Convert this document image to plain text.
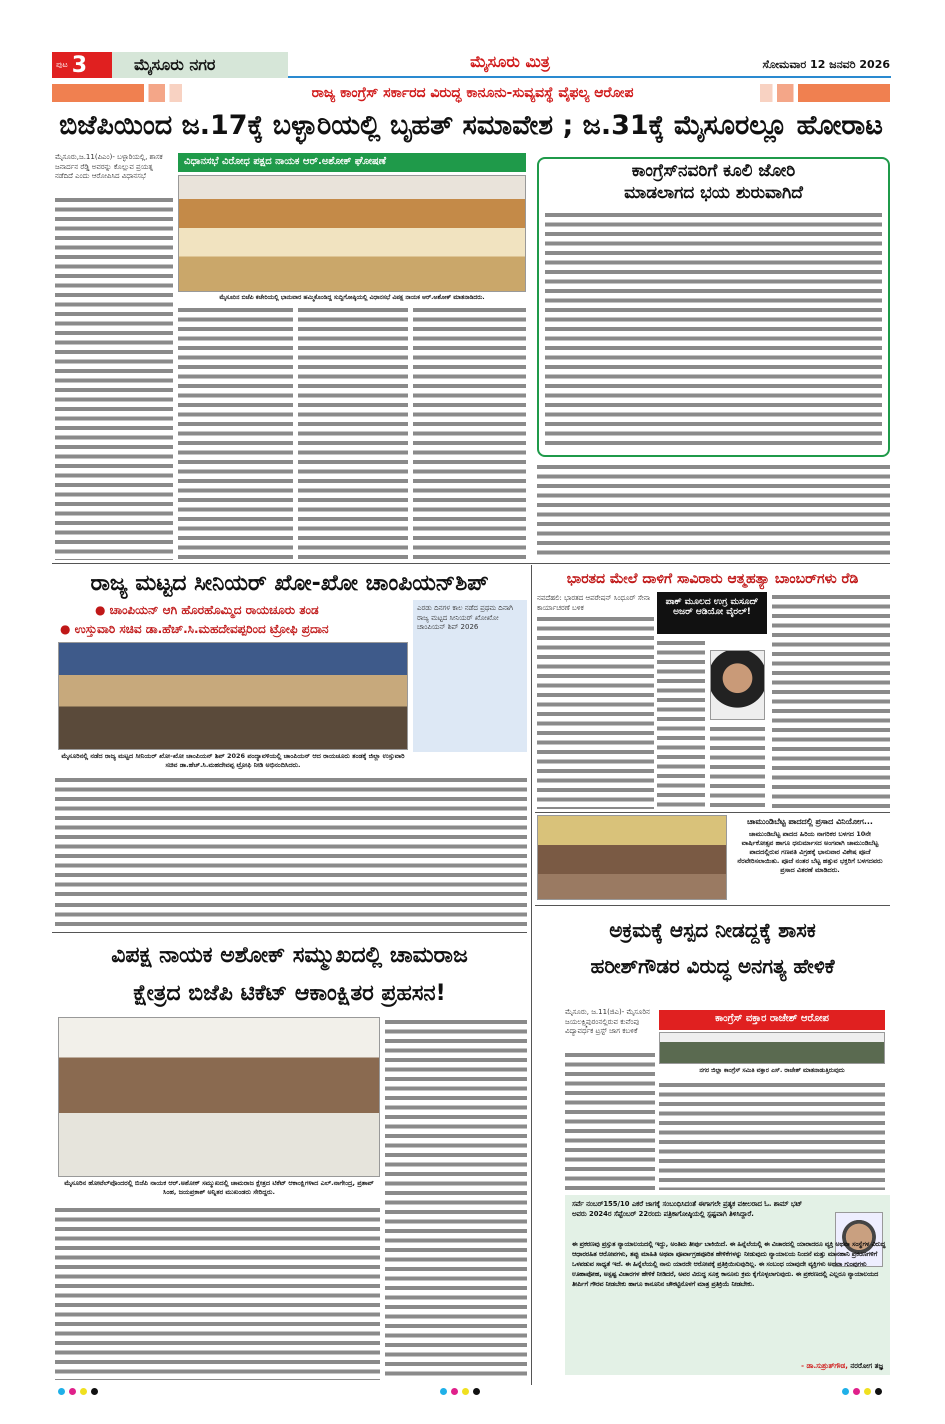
ಪುಟ 3	ಮೈಸೂರು ನಗರ	ಮೈಸೂರು ಮಿತ್ರ	ಸೋಮವಾರ 12 ಜನವರಿ 2026
ರಾಜ್ಯ ಕಾಂಗ್ರೆಸ್ ಸರ್ಕಾರದ ವಿರುದ್ಧ ಕಾನೂನು-ಸುವ್ಯವಸ್ಥೆ ವೈಫಲ್ಯ ಆರೋಪ
ಬಿಜೆಪಿಯಿಂದ ಜ.17ಕ್ಕೆ ಬಳ್ಳಾರಿಯಲ್ಲಿ ಬೃಹತ್ ಸಮಾವೇಶ ; ಜ.31ಕ್ಕೆ ಮೈಸೂರಲ್ಲೂ ಹೋರಾಟ
ಮೈಸೂರು,ಜ.11(ಪಿಎಂ)- ಬಳ್ಳಾರಿಯಲ್ಲಿ, ಶಾಸಕ ಜನಾರ್ದನ ರೆಡ್ಡಿ ಅವರನ್ನು ಕೊಲ್ಲುವ ಪ್ರಯತ್ನ ನಡೆದಿದೆ ಎಂದು ಆರೋಪಿಸಿದ ವಿಧಾನಸಭೆ
ವಿಧಾನಸಭೆ ವಿರೋಧ ಪಕ್ಷದ ನಾಯಕ ಆರ್.ಅಶೋಕ್ ಘೋಷಣೆ
ಮೈಸೂರಿನ ಬಿಜೆಪಿ ಕಚೇರಿಯಲ್ಲಿ ಭಾನುವಾರ ಹಮ್ಮಿಕೊಂಡಿದ್ದ ಸುದ್ದಿಗೋಷ್ಠಿಯಲ್ಲಿ ವಿಧಾನಸಭೆ ವಿಪಕ್ಷ ನಾಯಕ ಆರ್.ಅಶೋಕ್ ಮಾತನಾಡಿದರು.
ಕಾಂಗ್ರೆಸ್‌ನವರಿಗೆ ಕೂಲಿ ಜೋರಿ
ಮಾಡಲಾಗದ ಭಯ ಶುರುವಾಗಿದೆ
ರಾಜ್ಯ ಮಟ್ಟದ ಸೀನಿಯರ್ ಖೋ-ಖೋ ಚಾಂಪಿಯನ್‌ಶಿಪ್
● ಚಾಂಪಿಯನ್ ಆಗಿ ಹೊರಹೊಮ್ಮಿದ ರಾಯಚೂರು ತಂಡ
● ಉಸ್ತುವಾರಿ ಸಚಿವ ಡಾ.ಹೆಚ್.ಸಿ.ಮಹದೇವಪ್ಪರಿಂದ ಟ್ರೋಫಿ ಪ್ರದಾನ
ಮೈಸೂರಿನಲ್ಲಿ ನಡೆದ ರಾಜ್ಯ ಮಟ್ಟದ ಸೀನಿಯರ್ ಖೋ-ಖೋ ಚಾಂಪಿಯನ್ ಶಿಪ್ 2026 ಪಂದ್ಯಾವಳಿಯಲ್ಲಿ ಚಾಂಪಿಯನ್ ಆದ ರಾಯಚೂರು ತಂಡಕ್ಕೆ ಜಿಲ್ಲಾ ಉಸ್ತುವಾರಿ ಸಚಿವ ಡಾ.ಹೆಚ್.ಸಿ.ಮಹದೇವಪ್ಪ ಟ್ರೋಫಿ ನೀಡಿ ಅಭಿನಂದಿಸಿದರು.
ಎರಡು ದಿನಗಳ ಕಾಲ ನಡೆದ ಪ್ರಥಮ ದಿನಾಗಿ ರಾಜ್ಯ ಮಟ್ಟದ ಸೀನಿಯರ್ ಖೋಖೋ ಚಾಂಪಿಯನ್ ಶಿಪ್ 2026
ಭಾರತದ ಮೇಲೆ ದಾಳಿಗೆ ಸಾವಿರಾರು ಆತ್ಮಹತ್ಯಾ ಬಾಂಬರ್‌ಗಳು ರೆಡಿ
ನವದೆಹಲಿ: ಭಾರತದ ಆಪರೇಷನ್ ಸಿಂಧೂರ್ ಸೇನಾ ಕಾರ್ಯಾಚರಣೆ ಬಳಿಕ
ಪಾಕ್ ಮೂಲದ ಉಗ್ರ ಮಸೂದ್ ಅಜರ್ ಆಡಿಯೋ ವೈರಲ್!
ಚಾಮುಂಡಿಬೆಟ್ಟ ಪಾದದಲ್ಲಿ ಪ್ರಸಾದ ವಿನಿಯೋಗ...
ಚಾಮುಂಡಿಬೆಟ್ಟ ಪಾದದ ಹಿರಿಯ ನಾಗರಿಕರ ಬಳಗದ 10ನೇ ವಾರ್ಷಿಕೋತ್ಸವ ಹಾಗೂ ಧನುರ್ಮಾಸದ ಅಂಗವಾಗಿ ಚಾಮುಂಡಿಬೆಟ್ಟ ಪಾದದಲ್ಲಿರುವ ಗಣಪತಿ ವಿಗ್ರಹಕ್ಕೆ ಭಾನುವಾರ ವಿಶೇಷ ಪೂಜೆ ನೆರವೇರಿಸಲಾಯಿತು. ಪೂಜೆ ನಂತರ ಬೆಟ್ಟ ಹತ್ತುವ ಭಕ್ತರಿಗೆ ಬಳಗದವರು ಪ್ರಸಾದ ವಿತರಣೆ ಮಾಡಿದರು.
ವಿಪಕ್ಷ ನಾಯಕ ಅಶೋಕ್ ಸಮ್ಮುಖದಲ್ಲಿ ಚಾಮರಾಜ
ಕ್ಷೇತ್ರದ ಬಿಜೆಪಿ ಟಿಕೆಟ್ ಆಕಾಂಕ್ಷಿತರ ಪ್ರಹಸನ!
ಮೈಸೂರಿನ ಹೋಟೆಲ್‌ವೊಂದರಲ್ಲಿ ಬಿಜೆಪಿ ನಾಯಕ ಆರ್.ಅಶೋಕ್ ಸಮ್ಮುಖದಲ್ಲಿ ಚಾಮರಾಜ ಕ್ಷೇತ್ರದ ಟಿಕೆಟ್ ಆಕಾಂಕ್ಷಿಗಳಾದ ಎಲ್.ನಾಗೇಂದ್ರ, ಪ್ರತಾಪ್ ಸಿಂಹ, ಜಯಪ್ರಕಾಶ್ ಅನ್ನಿತರ ಮುಖಂಡರು ಸೇರಿದ್ದರು.
ಅಕ್ರಮಕ್ಕೆ ಆಸ್ಪದ ನೀಡದ್ದಕ್ಕೆ ಶಾಸಕ
ಹರೀಶ್‌ಗೌಡರ ವಿರುದ್ಧ ಅನಗತ್ಯ ಹೇಳಿಕೆ
ಮೈಸೂರು, ಜ.11(ಜಿಎ)- ಮೈಸೂರಿನ ಜಯಲಕ್ಷ್ಮಿಪುರಂನಲ್ಲಿರುವ ಕುವೆಂಪು ವಿದ್ಯಾವರ್ಧಕ ಟ್ರಸ್ಟ್ ಜಾಗ ಕಬಳಿಕೆ
ಕಾಂಗ್ರೆಸ್ ವಕ್ತಾರ ರಾಜೇಶ್ ಆರೋಪ
ನಗರ ಜಿಲ್ಲಾ ಕಾಂಗ್ರೆಸ್ ಸಮಿತಿ ವಕ್ತಾರ ಎಸ್. ರಾಜೇಶ್ ಮಾತನಾಡುತ್ತಿರುವುದು
ಸರ್ವೆ ನಂಬರ್155/10 ಎಕರೆ ಜಾಗಕ್ಕೆ ಸಂಬಂಧಿಸಿದಂತೆ ಈಗಾಗಲೇ ಪ್ರತ್ಯಕ ವಕೀಲರಾದ ಓ. ಶಾಮ್ ಭಟ್ ಅವರು 2024ರ ಸೆಪ್ಟೆಂಬರ್ 22ರಂದು ಪತ್ರಿಕಾಗೋಷ್ಠಿಯಲ್ಲಿ ಸ್ಪಷ್ಟವಾಗಿ ತಿಳಿಸಿದ್ದಾರೆ.
ಈ ಪ್ರಕರಣವು ಪ್ರಸ್ತುತ ನ್ಯಾಯಾಲಯದಲ್ಲಿ ಇದ್ದು, ಅಂತಿಮ ತೀರ್ಪು ಬಾಕಿಯಿದೆ. ಈ ಹಿನ್ನೆಲೆಯಲ್ಲಿ ಈ ವಿಚಾರದಲ್ಲಿ ಯಾರಾದರೂ ವ್ಯಕ್ತಿ ಅಥವಾ ಸಂಸ್ಥೆಗಳ ವಿರುದ್ಧ ಆಧಾರರಹಿತ ಆರೋಪಗಳು, ತಪ್ಪು ಮಾಹಿತಿ ಅಥವಾ ಪೂರ್ವಾಗ್ರಹಪೂರಿತ ಹೇಳಿಕೆಗಳನ್ನು ನೀಡುವುದು ನ್ಯಾಯಾಲಯ ನಿಂದನೆ ಮತ್ತು ಮಾನಹಾನಿ ಪ್ರಕರಣಗಳಿಗೆ ಒಳಪಡುವ ಸಾಧ್ಯತೆ ಇದೆ. ಈ ಹಿನ್ನೆಲೆಯಲ್ಲಿ ನಾನು ಯಾರದೇ ಆರೋಪಕ್ಕೆ ಪ್ರತಿಕ್ರಿಯಿಸುವುದಿಲ್ಲ. ಈ ಸಂಬಂಧ ಯಾವುದೇ ವ್ಯಕ್ತಿಗಳು ಅಥವಾ ಗುಂಪುಗಳು ಊಹಾಪೋಹ, ಅಸ್ಪಷ್ಟ ವಿಚಾರಗಳ ಹೇಳಿಕೆ ನೀಡಿದರೆ, ಅವರ ವಿರುದ್ಧ ಸೂಕ್ತ ಕಾನೂನು ಕ್ರಮ ಕೈಗೊಳ್ಳಲಾಗುವುದು. ಈ ಪ್ರಕರಣದಲ್ಲಿ ಎಲ್ಲರೂ ನ್ಯಾಯಾಲಯದ ತೀರ್ಪಿಗೆ ಗೌರವ ನೀಡಬೇಕು ಹಾಗೂ ಕಾನೂನಿನ ಚೌಕಟ್ಟಿನೊಳಗೆ ಮಾತ್ರ ಪ್ರತಿಕ್ರಿಯೆ ನೀಡಬೇಕು.
- ಡಾ.ಸುಶ್ರುತ್‌ಗೌಡ, ನರರೋಗ ತಜ್ಞ
